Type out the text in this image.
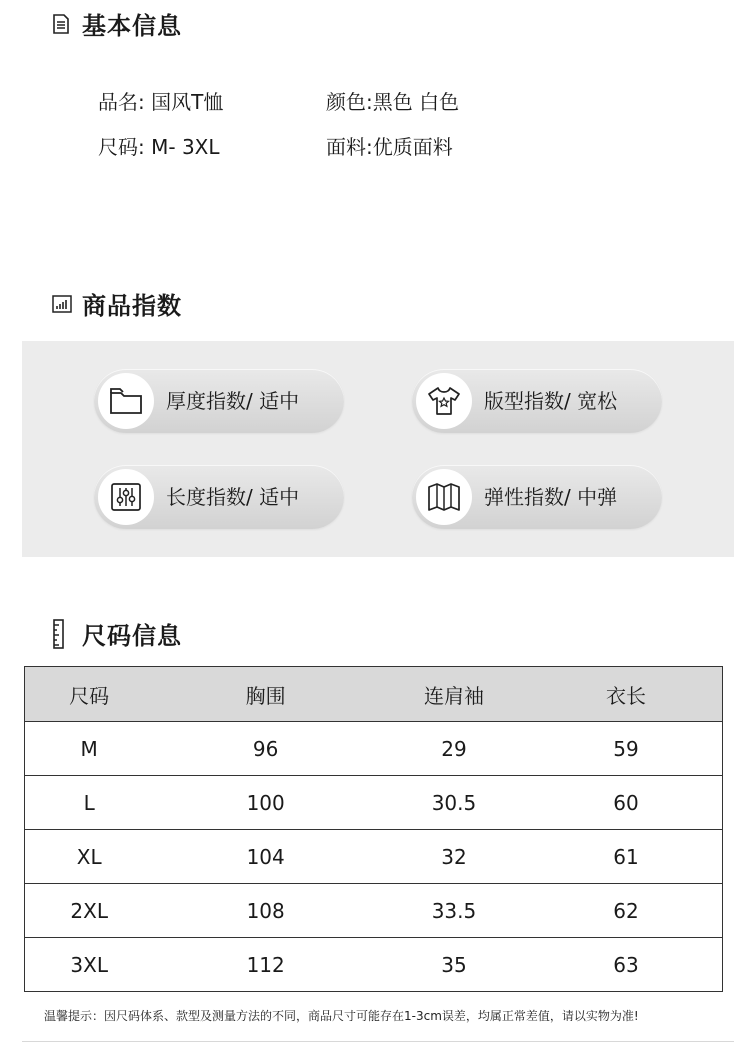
基本信息
品名: 国风T恤	颜色:黑色 白色
尺码: M- 3XL	面料:优质面料
商品指数
厚度指数/ 适中	版型指数/ 宽松
长度指数/ 适中	弹性指数/ 中弹
尺码信息
尺码	胸围	连肩袖	衣长
M	96	29	59
L	100	30.5	60
XL	104	32	61
2XL	108	33.5	62
3XL	112	35	63
温馨提示：因尺码体系、款型及测量方法的不同，商品尺寸可能存在1-3cm误差，均属正常差值，请以实物为准!
